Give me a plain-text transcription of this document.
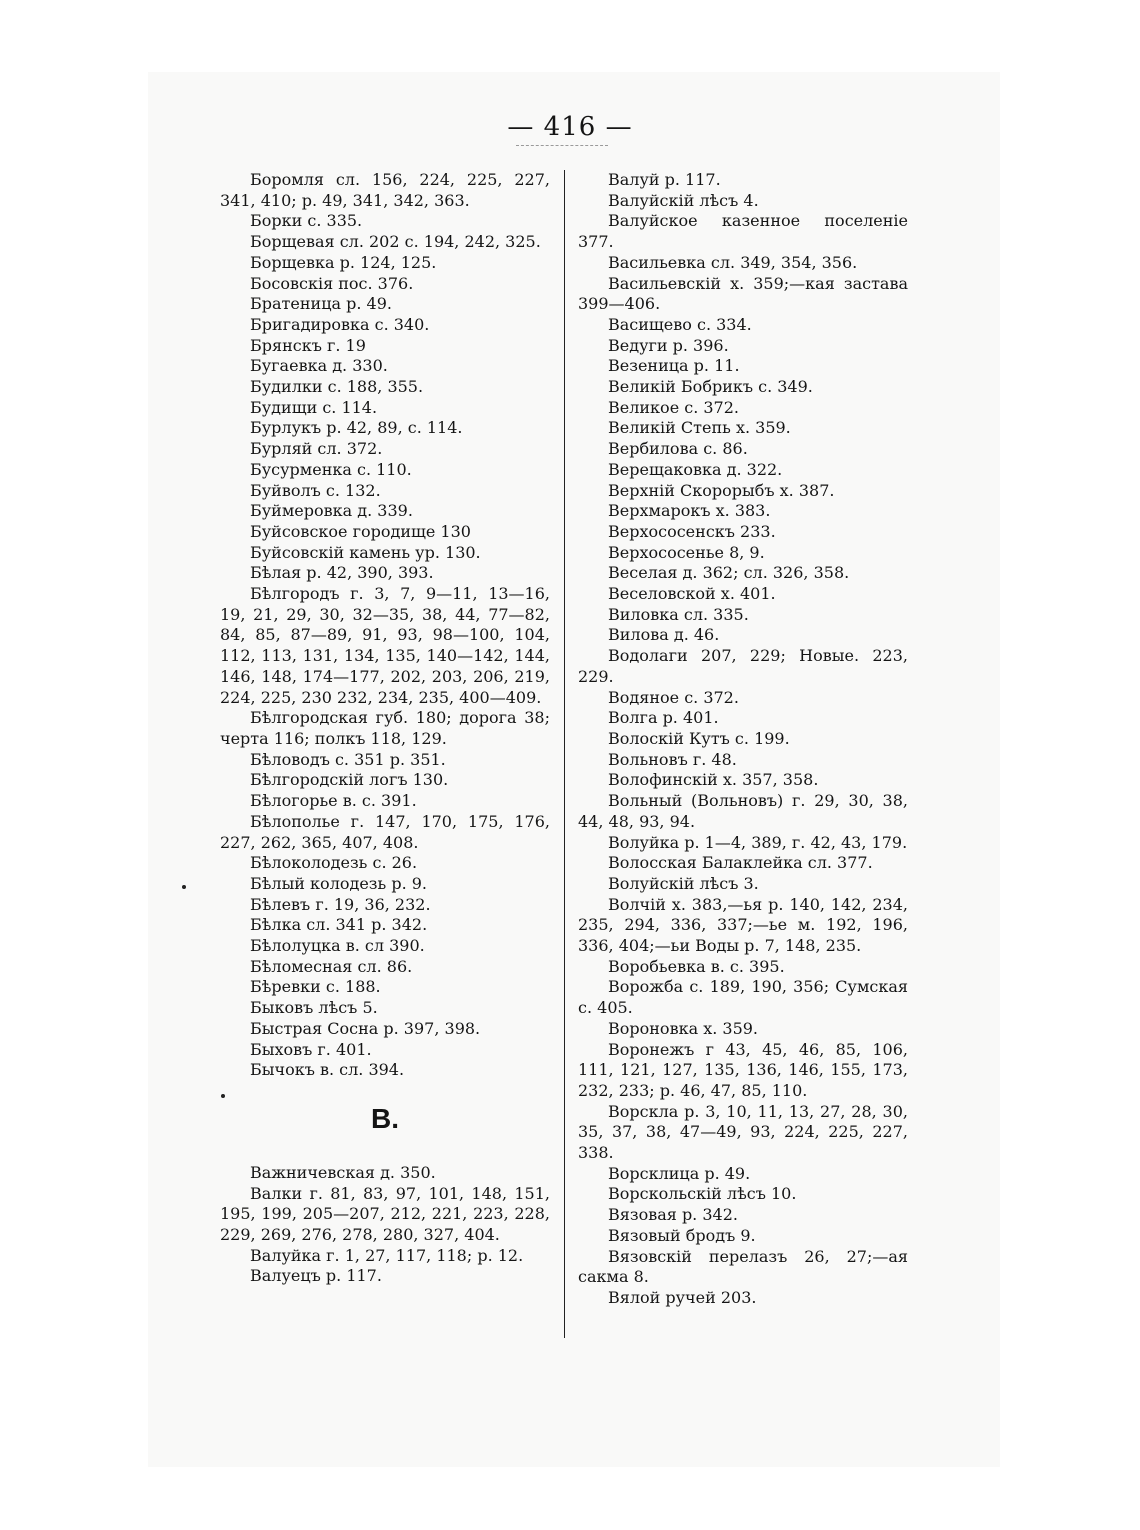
— 416 —

Боромля сл. 156, 224, 225, 227, 341, 410; р. 49, 341, 342, 363.

Борки с. 335.

Борщевая сл. 202 с. 194, 242, 325.

Борщевка р. 124, 125.

Босовскія пос. 376.

Братеница р. 49.

Бригадировка с. 340.

Брянскъ г. 19

Бугаевка д. 330.

Будилки с. 188, 355.

Будищи с. 114.

Бурлукъ р. 42, 89, с. 114.

Бурляй сл. 372.

Бусурменка с. 110.

Буйволъ с. 132.

Буймеровка д. 339.

Буйсовское городище 130

Буйсовскій камень ур. 130.

Бѣлая р. 42, 390, 393.

Бѣлгородъ г. 3, 7, 9—11, 13—16, 19, 21, 29, 30, 32—35, 38, 44, 77—82, 84, 85, 87—89, 91, 93, 98—100, 104, 112, 113, 131, 134, 135, 140—142, 144, 146, 148, 174—177, 202, 203, 206, 219, 224, 225, 230 232, 234, 235, 400—409.

Бѣлгородская губ. 180; дорога 38; черта 116; полкъ 118, 129.

Бѣловодъ с. 351 р. 351.

Бѣлгородскій логъ 130.

Бѣлогорье в. с. 391.

Бѣлополье г. 147, 170, 175, 176, 227, 262, 365, 407, 408.

Бѣлоколодезь с. 26.

Бѣлый колодезь р. 9.

Бѣлевъ г. 19, 36, 232.

Бѣлка сл. 341 р. 342.

Бѣлолуцка в. сл 390.

Бѣломесная сл. 86.

Бѣревки с. 188.

Быковъ лѣсъ 5.

Быстрая Сосна р. 397, 398.

Быховъ г. 401.

Бычокъ в. сл. 394.

В.

Важничевская д. 350.

Валки г. 81, 83, 97, 101, 148, 151, 195, 199, 205—207, 212, 221, 223, 228, 229, 269, 276, 278, 280, 327, 404.

Валуйка г. 1, 27, 117, 118; р. 12.

Валуецъ р. 117.

Валуй р. 117.

Валуйскій лѣсъ 4.

Валуйское казенное поселеніе 377.

Васильевка сл. 349, 354, 356.

Васильевскій х. 359;—кая застава 399—406.

Васищево с. 334.

Ведуги р. 396.

Везеница р. 11.

Великій Бобрикъ с. 349.

Великое с. 372.

Великій Степь х. 359.

Вербилова с. 86.

Верещаковка д. 322.

Верхній Скорорыбъ х. 387.

Верхмарокъ х. 383.

Верхососенскъ 233.

Верхососенье 8, 9.

Веселая д. 362; сл. 326, 358.

Веселовской х. 401.

Виловка сл. 335.

Вилова д. 46.

Водолаги 207, 229; Новые. 223, 229.

Водяное с. 372.

Волга р. 401.

Волоскій Кутъ с. 199.

Вольновъ г. 48.

Волофинскій х. 357, 358.

Вольный (Вольновъ) г. 29, 30, 38, 44, 48, 93, 94.

Волуйка р. 1—4, 389, г. 42, 43, 179.

Волосская Балаклейка сл. 377.

Волуйскій лѣсъ 3.

Волчій х. 383,—ья р. 140, 142, 234, 235, 294, 336, 337;—ье м. 192, 196, 336, 404;—ьи Воды р. 7, 148, 235.

Воробьевка в. с. 395.

Ворожба с. 189, 190, 356; Сумская с. 405.

Вороновка х. 359.

Воронежъ г 43, 45, 46, 85, 106, 111, 121, 127, 135, 136, 146, 155, 173, 232, 233; р. 46, 47, 85, 110.

Ворскла р. 3, 10, 11, 13, 27, 28, 30, 35, 37, 38, 47—49, 93, 224, 225, 227, 338.

Ворсклица р. 49.

Ворскольскій лѣсъ 10.

Вязовая р. 342.

Вязовый бродъ 9.

Вязовскій перелазъ 26, 27;—ая сакма 8.

Вялой ручей 203.
